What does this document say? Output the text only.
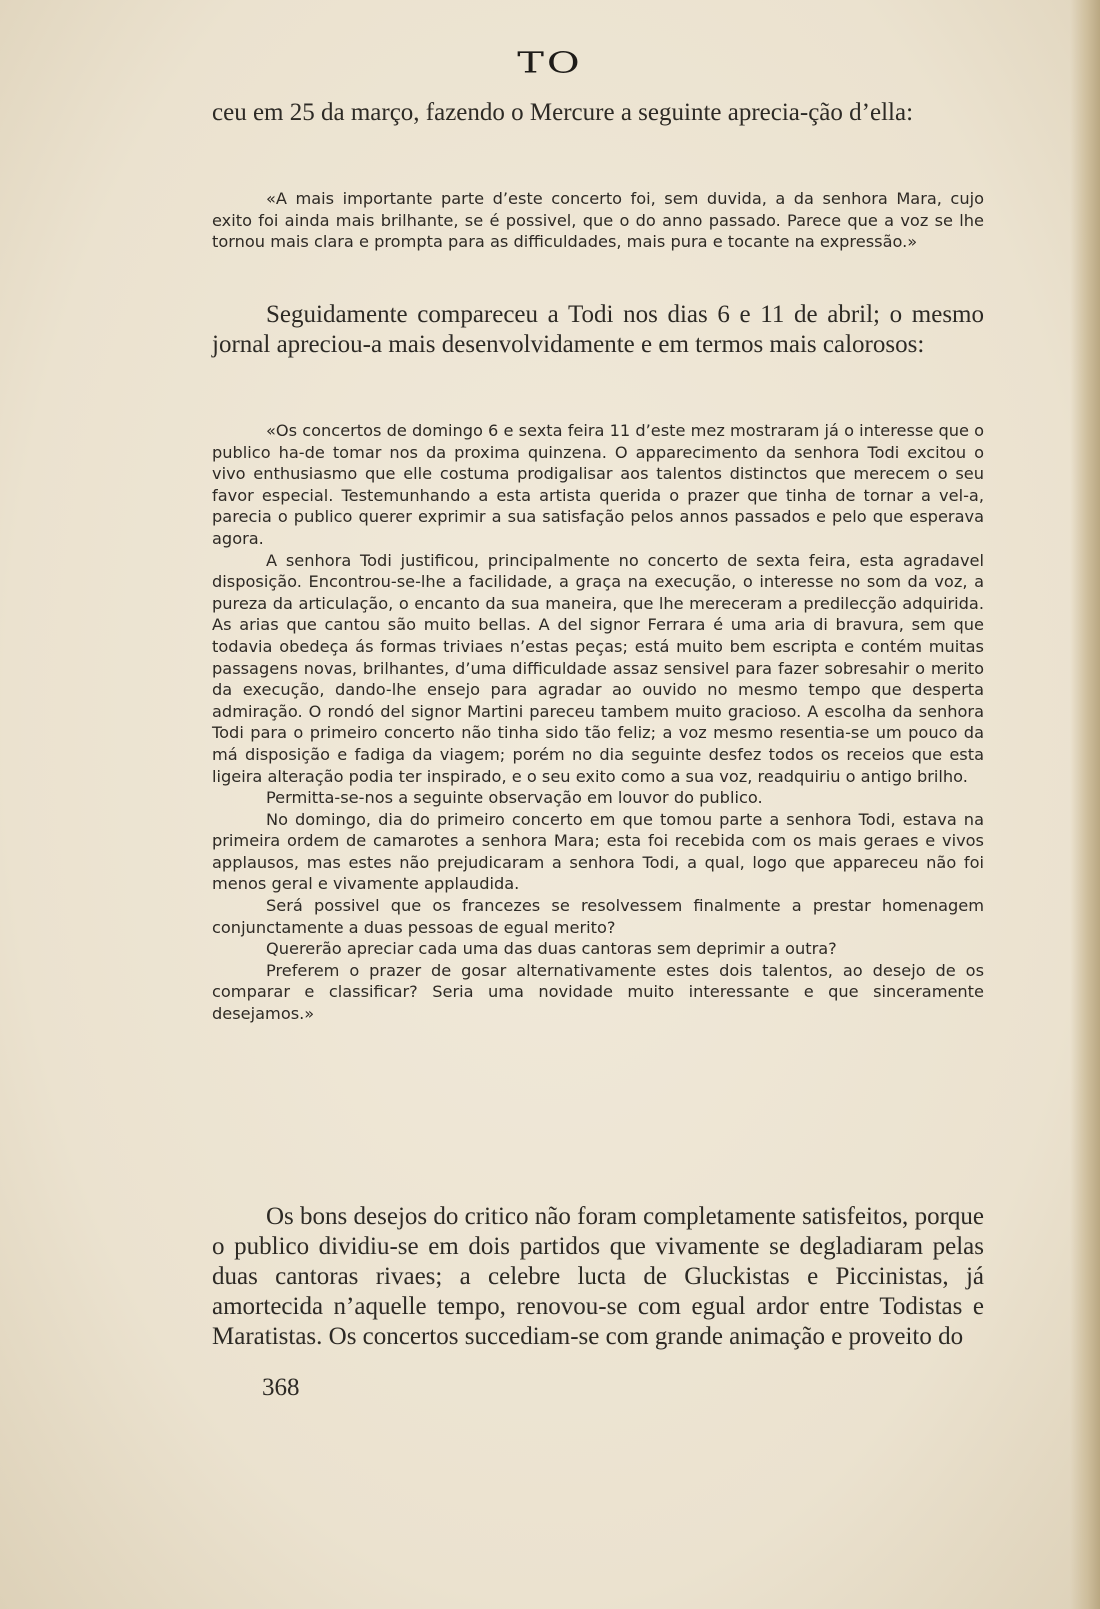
TO

ceu em 25 da março, fazendo o Mercure a seguinte aprecia-ção d’ella:

«A mais importante parte d’este concerto foi, sem duvida, a da senhora Mara, cujo exito foi ainda mais brilhante, se é possivel, que o do anno passado. Parece que a voz se lhe tornou mais clara e prompta para as difficuldades, mais pura e tocante na expressão.»

Seguidamente compareceu a Todi nos dias 6 e 11 de abril; o mesmo jornal apreciou-a mais desenvolvidamente e em termos mais calorosos:

«Os concertos de domingo 6 e sexta feira 11 d’este mez mostraram já o interesse que o publico ha-de tomar nos da proxima quinzena. O apparecimento da senhora Todi excitou o vivo enthusiasmo que elle costuma prodigalisar aos talentos distinctos que merecem o seu favor especial. Testemunhando a esta artista querida o prazer que tinha de tornar a vel-a, parecia o publico querer exprimir a sua satisfação pelos annos passados e pelo que esperava agora.

A senhora Todi justificou, principalmente no concerto de sexta feira, esta agradavel disposição. Encontrou-se-lhe a facilidade, a graça na execução, o interesse no som da voz, a pureza da articulação, o encanto da sua maneira, que lhe mereceram a predilecção adquirida. As arias que cantou são muito bellas. A del signor Ferrara é uma aria di bravura, sem que todavia obedeça ás formas triviaes n’estas peças; está muito bem escripta e contém muitas passagens novas, brilhantes, d’uma difficuldade assaz sensivel para fazer sobresahir o merito da execução, dando-lhe ensejo para agradar ao ouvido no mesmo tempo que desperta admiração. O rondó del signor Martini pareceu tambem muito gracioso. A escolha da senhora Todi para o primeiro concerto não tinha sido tão feliz; a voz mesmo resentia-se um pouco da má disposição e fadiga da viagem; porém no dia seguinte desfez todos os receios que esta ligeira alteração podia ter inspirado, e o seu exito como a sua voz, readquiriu o antigo brilho.

Permitta-se-nos a seguinte observação em louvor do publico.

No domingo, dia do primeiro concerto em que tomou parte a senhora Todi, estava na primeira ordem de camarotes a senhora Mara; esta foi recebida com os mais geraes e vivos applausos, mas estes não prejudicaram a senhora Todi, a qual, logo que appareceu não foi menos geral e vivamente applaudida.

Será possivel que os francezes se resolvessem finalmente a prestar homenagem conjunctamente a duas pessoas de egual merito?

Quererão apreciar cada uma das duas cantoras sem deprimir a outra?

Preferem o prazer de gosar alternativamente estes dois talentos, ao desejo de os comparar e classificar? Seria uma novidade muito interessante e que sinceramente desejamos.»

Os bons desejos do critico não foram completamente satisfeitos, porque o publico dividiu-se em dois partidos que vivamente se degladiaram pelas duas cantoras rivaes; a celebre lucta de Gluckistas e Piccinistas, já amortecida n’aquelle tempo, renovou-se com egual ardor entre Todistas e Maratistas. Os concertos succediam-se com grande animação e proveito do

368
